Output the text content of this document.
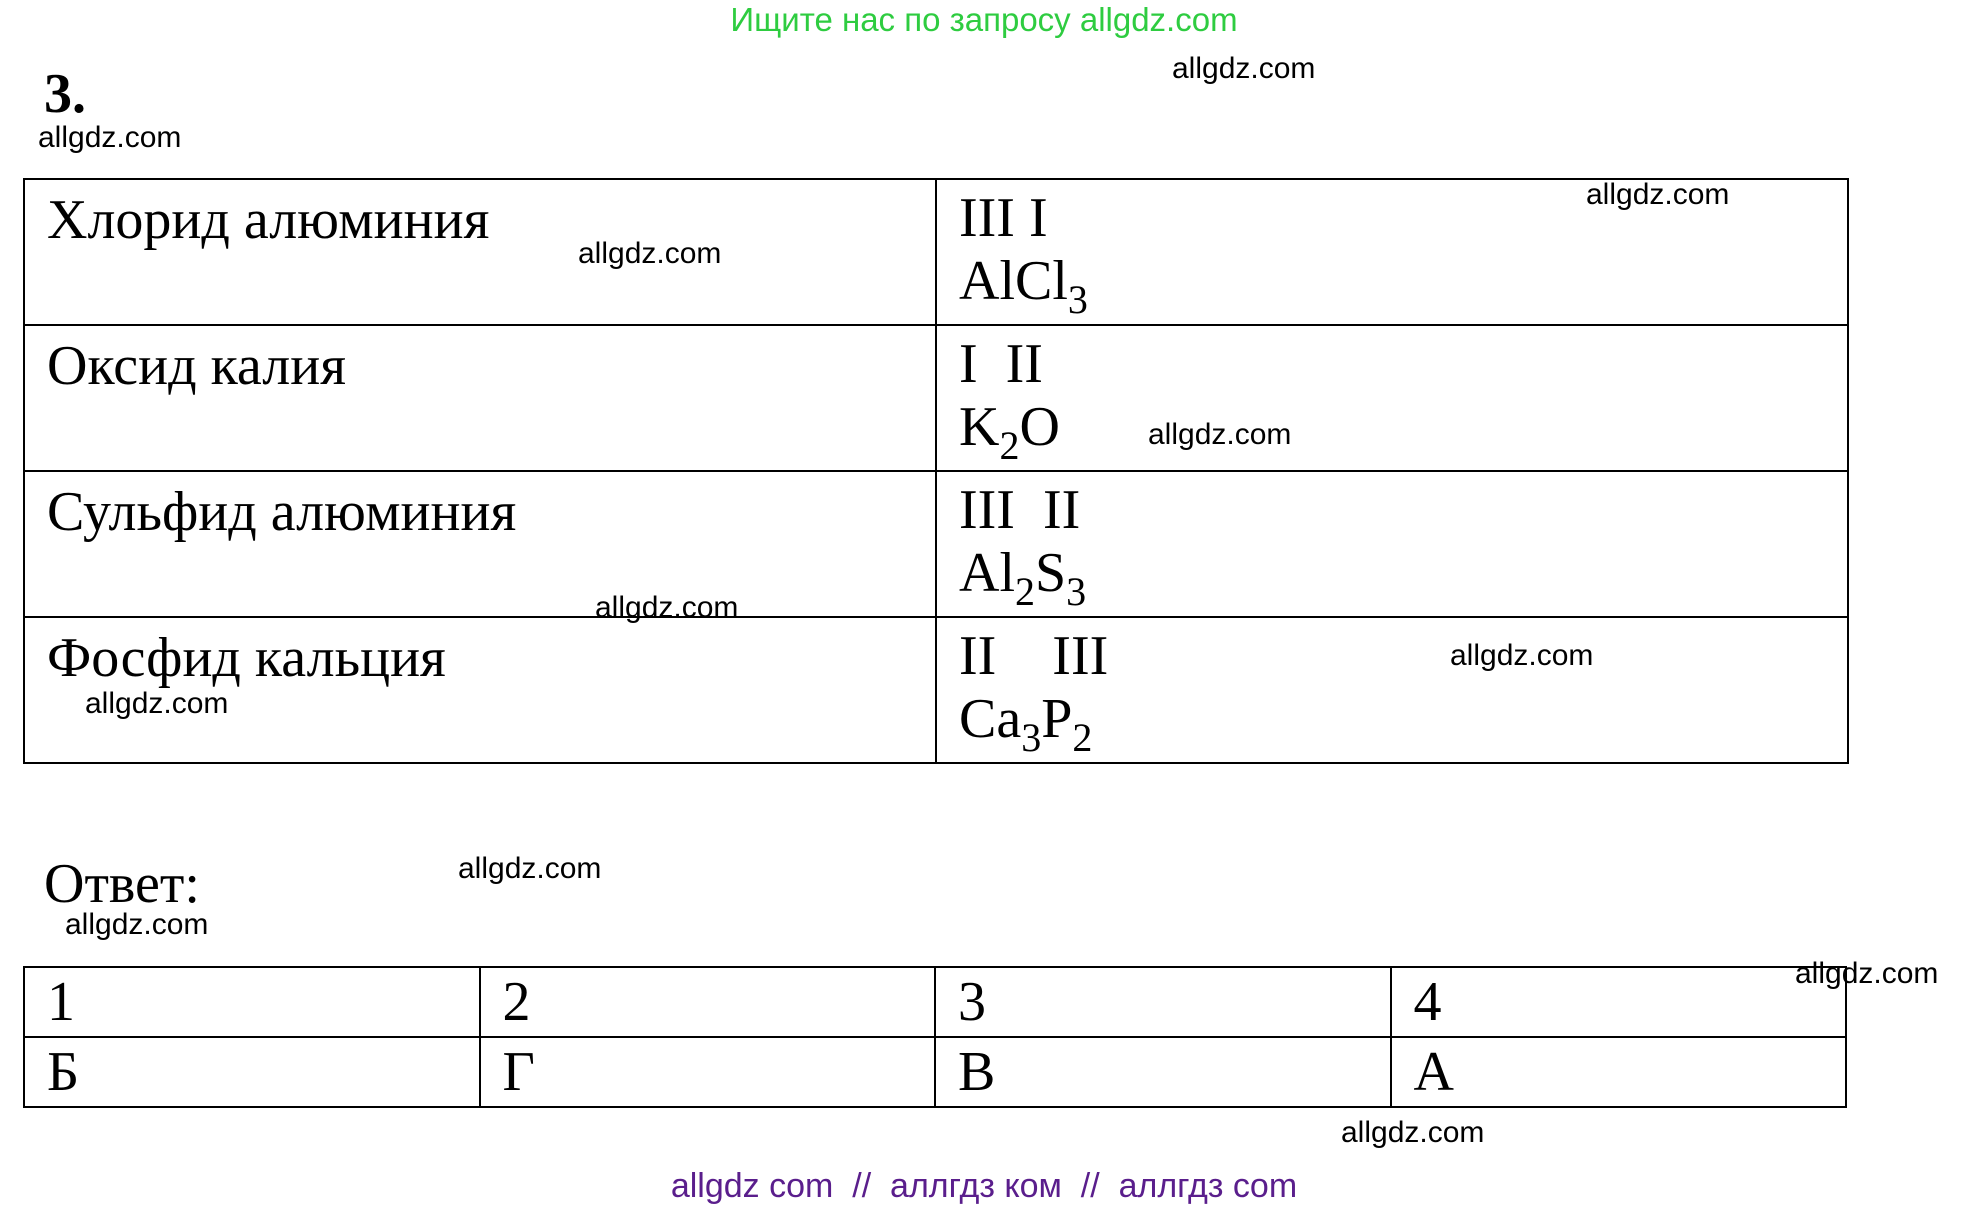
Ищите нас по запросу allgdz.com
3.
Хлорид алюминия	III I
AlCl$_3$

Оксид калия	I  II
$K_2O$

Сульфид алюминия	III  II
$Al_2S_3$

Фосфид кальция	II    III
$Ca_3P_2$
Ответ:
1	2	3	4
Б	Г	В	А
allgdz.com
allgdz.com
allgdz.com
allgdz.com
allgdz.com
allgdz.com
allgdz.com
allgdz.com
allgdz.com
allgdz.com
allgdz.com
allgdz.com
allgdz com  //  аллгдз ком  //  аллгдз com
